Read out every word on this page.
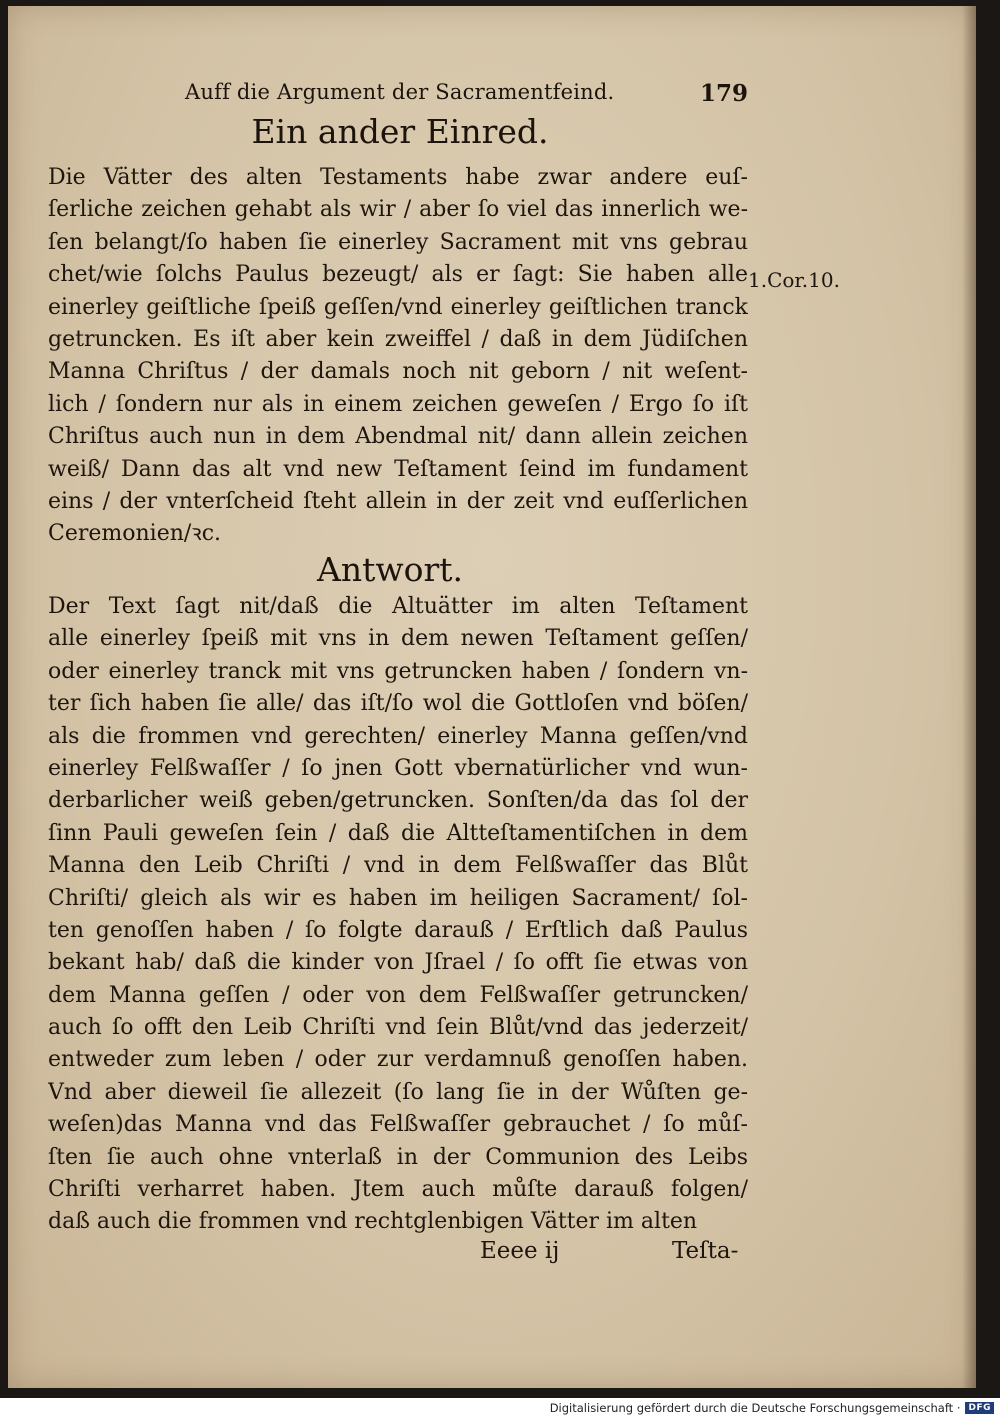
Auff die Argument der Sacramentfeind.	179
Ein ander Einred.
Die Vätter des alten Testaments habe zwar andere euſ-
ſerliche zeichen gehabt als wir / aber ſo viel das innerlich we-
ſen belangt/ſo haben ſie einerley Sacrament mit vns gebrau
chet/wie ſolchs Paulus bezeugt/ als er ſagt: Sie haben alle
einerley geiſtliche ſpeiß geſſen/vnd einerley geiſtlichen tranck
getruncken. Es iſt aber kein zweiffel / daß in dem Jüdiſchen
Manna Chriſtus / der damals noch nit geborn / nit weſent-
lich / ſondern nur als in einem zeichen geweſen / Ergo ſo iſt
Chriſtus auch nun in dem Abendmal nit/ dann allein zeichen
weiß/ Dann das alt vnd new Teſtament ſeind im fundament
eins / der vnterſcheid ſteht allein in der zeit vnd euſſerlichen
Ceremonien/ꝛc.
1.Cor.10.
Antwort.
Der Text ſagt nit/daß die Altuätter im alten Teſtament
alle einerley ſpeiß mit vns in dem newen Teſtament geſſen/
oder einerley tranck mit vns getruncken haben / ſondern vn-
ter ſich haben ſie alle/ das iſt/ſo wol die Gottloſen vnd böſen/
als die frommen vnd gerechten/ einerley Manna geſſen/vnd
einerley Felßwaſſer / ſo jnen Gott vbernatürlicher vnd wun-
derbarlicher weiß geben/getruncken. Sonſten/da das ſol der
ſinn Pauli geweſen ſein / daß die Altteſtamentiſchen in dem
Manna den Leib Chriſti / vnd in dem Felßwaſſer das Blůt
Chriſti/ gleich als wir es haben im heiligen Sacrament/ ſol-
ten genoſſen haben / ſo folgte darauß / Erſtlich daß Paulus
bekant hab/ daß die kinder von Jſrael / ſo offt ſie etwas von
dem Manna geſſen / oder von dem Felßwaſſer getruncken/
auch ſo offt den Leib Chriſti vnd ſein Blůt/vnd das jederzeit/
entweder zum leben / oder zur verdamnuß genoſſen haben.
Vnd aber dieweil ſie allezeit (ſo lang ſie in der Wůſten ge-
weſen)das Manna vnd das Felßwaſſer gebrauchet / ſo můſ-
ſten ſie auch ohne vnterlaß in der Communion des Leibs
Chriſti verharret haben. Jtem auch můſte darauß folgen/
daß auch die frommen vnd rechtglenbigen Vätter im alten
Eeee ij	Teſta-
Digitalisierung gefördert durch die Deutsche Forschungsgemeinschaft · DFG
